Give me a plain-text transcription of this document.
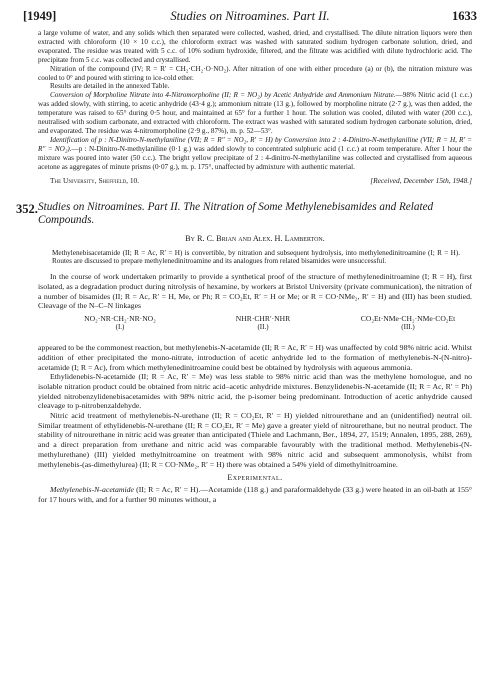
[1949]	Studies on Nitroamines. Part II.	1633

a large volume of water, and any solids which then separated were collected, washed, dried, and crystallised. The dilute nitration liquors were then extracted with chloroform (10 × 10 c.c.), the chloroform extract was washed with saturated sodium hydrogen carbonate solution, dried, and evaporated. The residue was treated with 5 c.c. of 10% sodium hydroxide, filtered, and the filtrate was acidified with dilute hydrochloric acid. The precipitate from 5 c.c. was collected and crystallised.

Nitration of the compound (IV; R = R′ = CH₂·CH₂·O·NO₂). After nitration of one with either procedure (a) or (b), the nitration mixture was cooled to 0° and poured with stirring to ice-cold ether.

Results are detailed in the annexed Table.

Conversion of Morpholine Nitrate into 4-Nitromorpholine (II; R = NO₂) by Acetic Anhydride and Ammonium Nitrate.—98% Nitric acid (1 c.c.) was added slowly, with stirring, to acetic anhydride (43·4 g.); ammonium nitrate (13 g.), followed by morpholine nitrate (2·7 g.), was then added, the temperature was raised to 65° during 0·5 hour, and maintained at 65° for a further 1 hour. The solution was cooled, diluted with water (200 c.c.), neutralised with sodium carbonate, and extracted with chloroform. The extract was washed with saturated sodium hydrogen carbonate solution, dried, and evaporated. The residue was 4-nitromorpholine (2·9 g., 87%), m. p. 52—53°.

Identification of p : N-Dinitro-N-methylaniline (VII; R = R″ = NO₂, R′ = H) by Conversion into 2 : 4-Dinitro-N-methylaniline (VII; R = H, R′ = R″ = NO₂).—p : N-Dinitro-N-methylaniline (0·1 g.) was added slowly to concentrated sulphuric acid (1 c.c.) at room temperature. After 1 hour the mixture was poured into water (50 c.c.). The bright yellow precipitate of 2 : 4-dinitro-N-methylaniline was collected and crystallised from aqueous acetone as aggregates of minute prisms (0·07 g.), m. p. 175°, unaffected by admixture with authentic material.

The University, Sheffield, 10.	[Received, December 15th, 1948.]
352. Studies on Nitroamines. Part II. The Nitration of Some Methylenebisamides and Related Compounds.
By R. C. Brian and Alex. H. Lamberton.

Methylenebisacetamide (II; R = Ac, R′ = H) is convertible, by nitration and subsequent hydrolysis, into methylenedinitroamine (I; R = H). Routes are discussed to prepare methylenedinitroamine and its analogues from related bisamides were unsuccessful.

In the course of work undertaken primarily to provide a synthetical proof of the structure of methylenedinitroamine (I; R = H), first isolated, as a degradation product during nitrolysis of hexamine, by workers at Bristol University (private communication), the nitration of a number of bisamides (II; R = Ac, R′ = H, Me, or Ph; R = CO₂Et, R′ = H or Me; or R = CO·NMe₂, R′ = H) and (III) has been studied. Cleavage of the N–C–N linkages

NO₂·NR·CH₂·NR·NO₂
(I.)
NHR·CHR′·NHR
(II.)
CO₂Et·NMe·CH₂·NMe·CO₂Et
(III.)

appeared to be the commonest reaction, but methylenebis-N-acetamide (II; R = Ac, R′ = H) was unaffected by cold 98% nitric acid. Whilst addition of ether precipitated the mono-nitrate, introduction of acetic anhydride led to the formation of methylenebis-N-(N-nitro)-acetamide (I; R = Ac), from which methylenedinitroamine could best be obtained by hydrolysis with aqueous ammonia.

Ethylidenebis-N-acetamide (II; R = Ac, R′ = Me) was less stable to 98% nitric acid than was the methylene homologue, and no isolable nitration product could be obtained from nitric acid–acetic anhydride mixtures. Benzylidenebis-N-acetamide (II; R = Ac, R′ = Ph) yielded nitrobenzylidenebisacetamides with 98% nitric acid, the p-isomer being predominant. Introduction of acetic anhydride caused cleavage to p-nitrobenzaldehyde.

Nitric acid treatment of methylenebis-N-urethane (II; R = CO₂Et, R′ = H) yielded nitrourethane and an (unidentified) neutral oil. Similar treatment of ethylidenebis-N-urethane (II; R = CO₂Et, R′ = Me) gave a greater yield of nitrourethane, but no neutral product. The stability of nitrourethane in nitric acid was greater than anticipated (Thiele and Lachmann, Ber., 1894, 27, 1519; Annalen, 1895, 288, 269), and a direct preparation from urethane and nitric acid was comparable favourably with the traditional method. Methylenebis-(N-methylurethane) (III) yielded methylnitroamine on treatment with 98% nitric acid and subsequent ammonolysis, whilst from methylenebis-(as-dimethylurea) (II; R = CO·NMe₂, R′ = H) there was obtained a 54% yield of dimethylnitroamine.

Experimental.

Methylenebis-N-acetamide (II; R = Ac, R′ = H).—Acetamide (118 g.) and paraformaldehyde (33 g.) were heated in an oil-bath at 155° for 17 hours with, and for a further 90 minutes without, a
